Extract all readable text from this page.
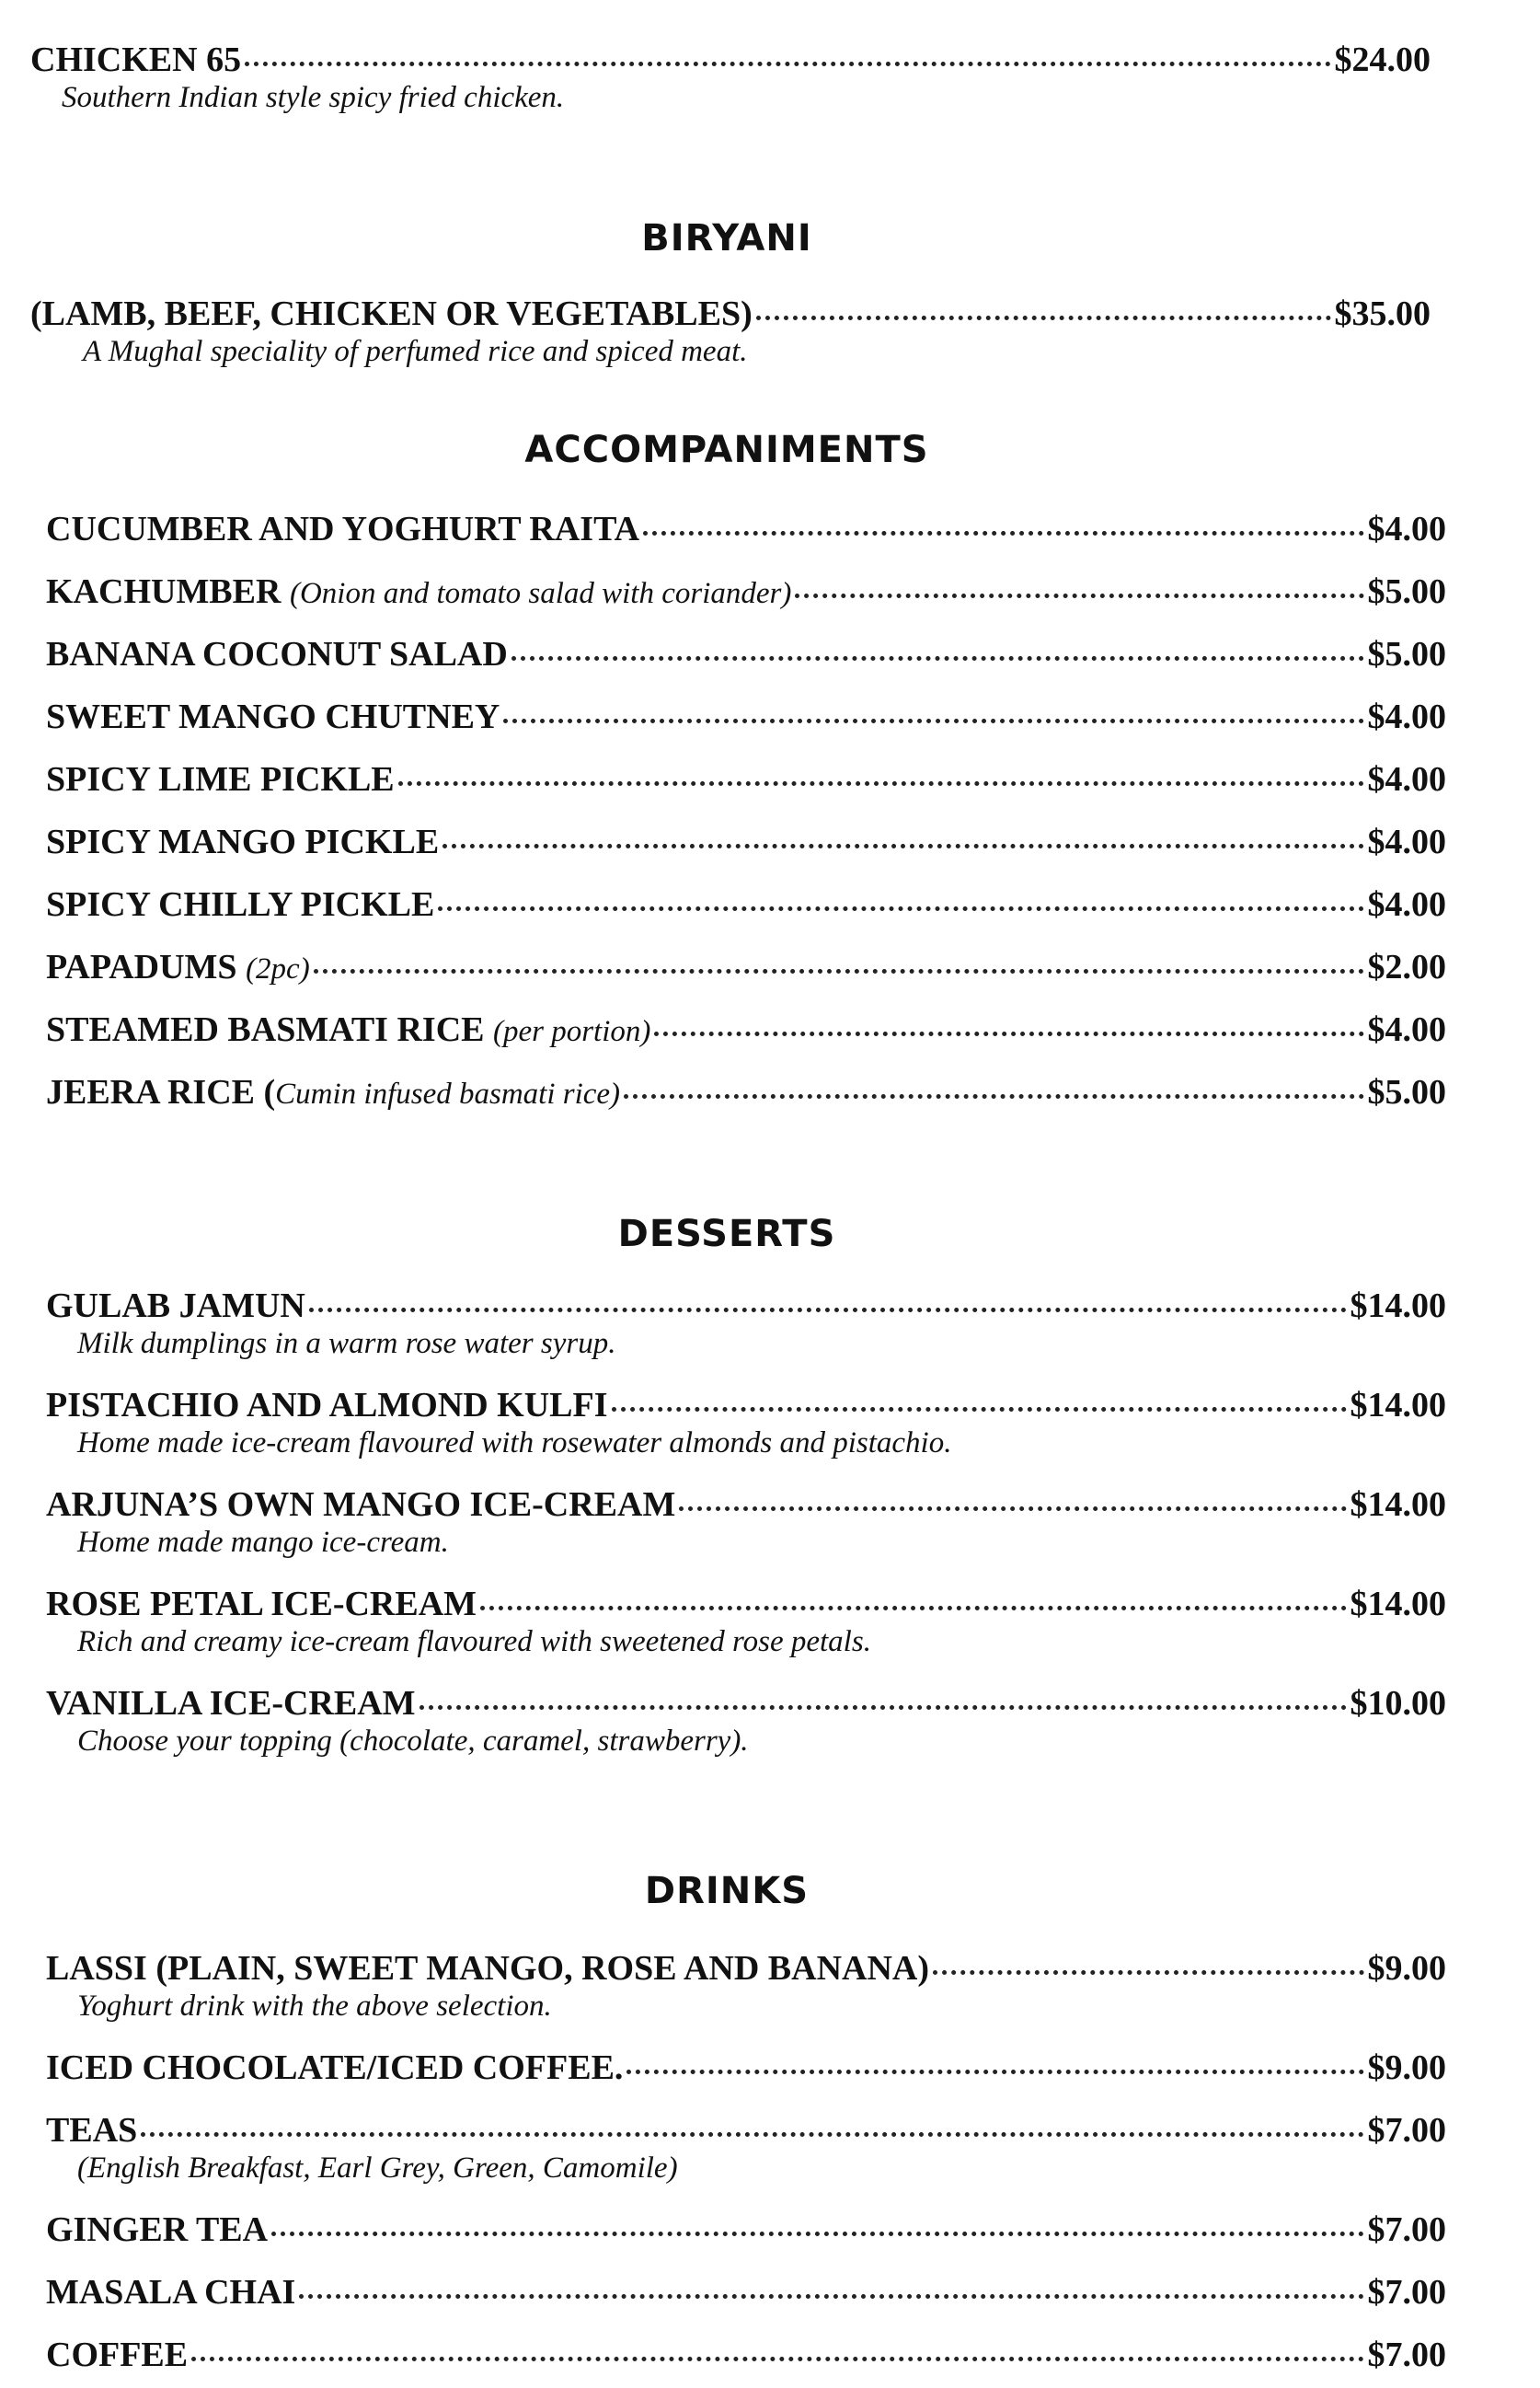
CHICKEN 65	$24.00
Southern Indian style spicy fried chicken.
BIRYANI
(LAMB, BEEF, CHICKEN OR VEGETABLES)	$35.00
A Mughal speciality of perfumed rice and spiced meat.
ACCOMPANIMENTS
CUCUMBER AND YOGHURT RAITA	$4.00
KACHUMBER (Onion and tomato salad with coriander)	$5.00
BANANA COCONUT SALAD	$5.00
SWEET MANGO CHUTNEY	$4.00
SPICY LIME PICKLE	$4.00
SPICY MANGO PICKLE	$4.00
SPICY CHILLY PICKLE	$4.00
PAPADUMS (2pc)	$2.00
STEAMED BASMATI RICE (per portion)	$4.00
JEERA RICE (Cumin infused basmati rice)	$5.00
DESSERTS
GULAB JAMUN	$14.00
Milk dumplings in a warm rose water syrup.
PISTACHIO AND ALMOND KULFI	$14.00
Home made ice-cream flavoured with rosewater almonds and pistachio.
ARJUNA’S OWN MANGO ICE-CREAM	$14.00
Home made mango ice-cream.
ROSE PETAL ICE-CREAM	$14.00
Rich and creamy ice-cream flavoured with sweetened rose petals.
VANILLA ICE-CREAM	$10.00
Choose your topping (chocolate, caramel, strawberry).
DRINKS
LASSI (PLAIN, SWEET MANGO, ROSE AND BANANA)	$9.00
Yoghurt drink with the above selection.
ICED CHOCOLATE/ICED COFFEE.	$9.00
TEAS	$7.00
(English Breakfast, Earl Grey, Green, Camomile)
GINGER TEA	$7.00
MASALA CHAI	$7.00
COFFEE	$7.00
